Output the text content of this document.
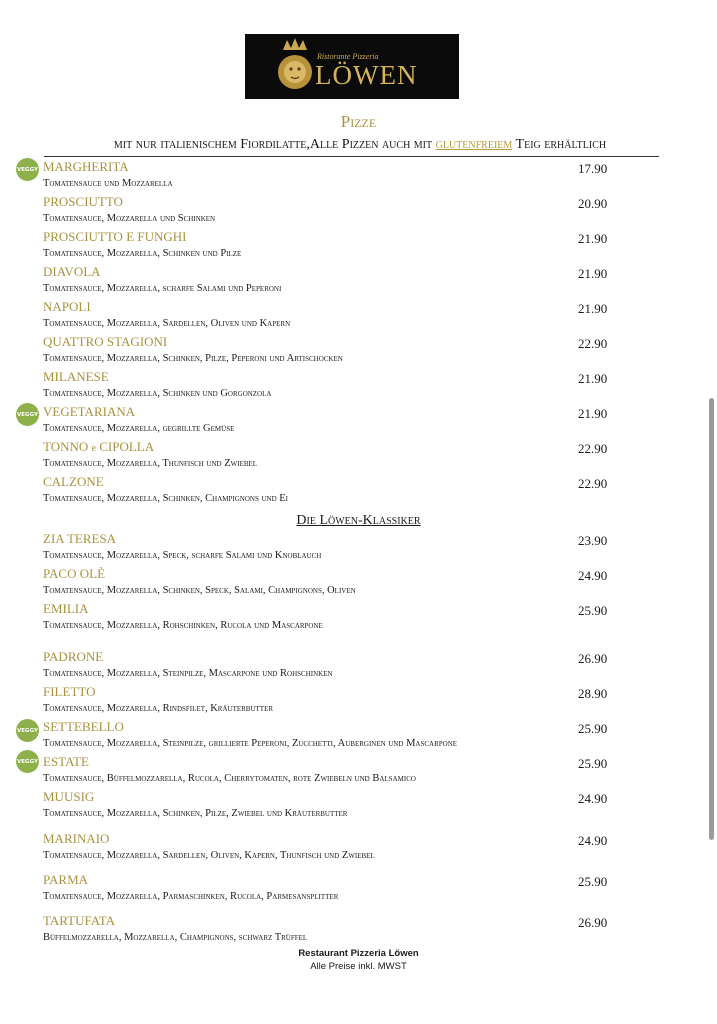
Ristorante Pizzeria
LÖWEN
Pizze
mit nur italienischem Fiordilatte,Alle Pizzen auch mit glutenfreiem Teig erhältlich
VEGGY
VEGGY
VEGGY
VEGGY
MARGHERITA	17.90
Tomatensauce und Mozzarella
PROSCIUTTO	20.90
Tomatensauce, Mozzarella und Schinken
PROSCIUTTO E FUNGHI	21.90
Tomatensauce, Mozzarella, Schinken und Pilze
DIAVOLA	21.90
Tomatensauce, Mozzarella, scharfe Salami und Peperoni
NAPOLI	21.90
Tomatensauce, Mozzarella, Sardellen, Oliven und Kapern
QUATTRO STAGIONI	22.90
Tomatensauce, Mozzarella, Schinken, Pilze, Peperoni und Artischocken
MILANESE	21.90
Tomatensauce, Mozzarella, Schinken und Gorgonzola
VEGETARIANA	21.90
Tomatensauce, Mozzarella, gegrillte Gemüse
TONNO e CIPOLLA	22.90
Tomatensauce, Mozzarella, Thunfisch und Zwiebel
CALZONE	22.90
Tomatensauce, Mozzarella, Schinken, Champignons und Ei
Die Löwen-Klassiker
ZIA TERESA	23.90
Tomatensauce, Mozzarella, Speck, scharfe Salami und Knoblauch
PACO OLÈ	24.90
Tomatensauce, Mozzarella, Schinken, Speck, Salami, Champignons, Oliven
EMILIA	25.90
Tomatensauce, Mozzarella, Rohschinken, Rucola und Mascarpone
PADRONE	26.90
Tomatensauce, Mozzarella, Steinpilze, Mascarpone und Rohschinken
FILETTO	28.90
Tomatensauce, Mozzarella, Rindsfilet, Kräuterbutter
SETTEBELLO	25.90
Tomatensauce, Mozzarella, Steinpilze, grillierte Peperoni, Zucchetti, Auberginen und Mascarpone
ESTATE	25.90
Tomatensauce, Büffelmozzarella, Rucola, Cherrytomaten, rote Zwiebeln und Balsamico
MUUSIG	24.90
Tomatensauce, Mozzarella, Schinken, Pilze, Zwiebel und Kräuterbutter
MARINAIO	24.90
Tomatensauce, Mozzarella, Sardellen, Oliven, Kapern, Thunfisch und Zwiebel
PARMA	25.90
Tomatensauce, Mozzarella, Parmaschinken, Rucola, Parmesansplitter
TARTUFATA	26.90
Büffelmozzarella, Mozzarella, Champignons, schwarz Trüffel
Restaurant Pizzeria Löwen
Alle Preise inkl. MWST
